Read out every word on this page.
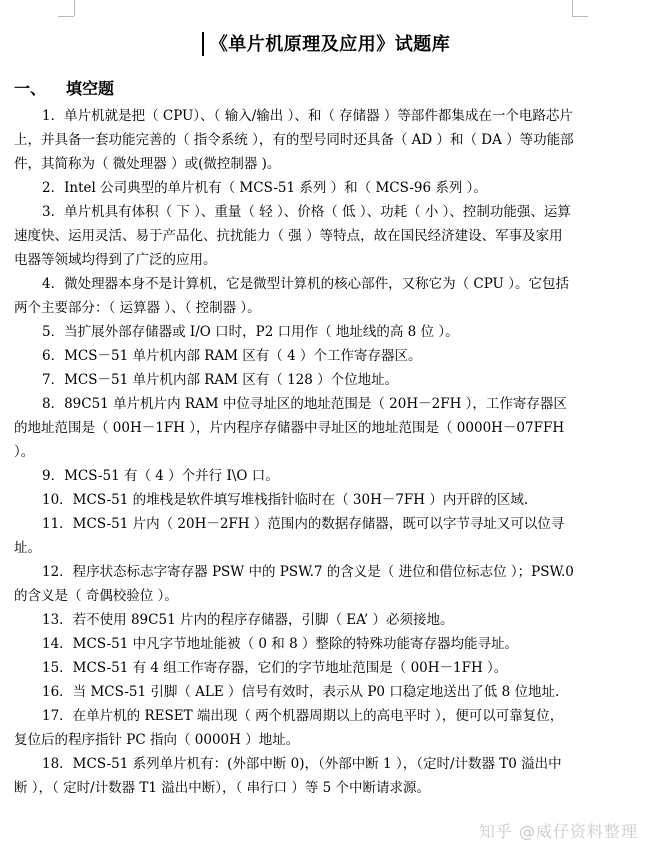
《单片机原理及应用》试题库
一、 填空题

1．单片机就是把（ CPU）、（ 输入/输出 ）、和（ 存储器 ）等部件都集成在一个电路芯片上，并具备一套功能完善的（ 指令系统 ），有的型号同时还具备（ AD ）和（ DA ）等功能部件，其简称为（ 微处理器 ）或(微控制器 )。

2．Intel 公司典型的单片机有（ MCS-51 系列 ）和（ MCS-96 系列 ）。

3．单片机具有体积（ 下 ）、重量（ 轻 ）、价格（ 低 ）、功耗（ 小 ）、控制功能强、运算速度快、运用灵活、易于产品化、抗扰能力（ 强 ）等特点，故在国民经济建设、军事及家用电器等领域均得到了广泛的应用。

4．微处理器本身不是计算机，它是微型计算机的核心部件，又称它为（ CPU ）。它包括两个主要部分：（ 运算器 ）、（ 控制器 ）。

5．当扩展外部存储器或 I/O 口时，P2 口用作（ 地址线的高 8 位 ）。

6．MCS－51 单片机内部 RAM 区有（ 4 ）个工作寄存器区。

7．MCS－51 单片机内部 RAM 区有（ 128 ）个位地址。

8．89C51 单片机片内 RAM 中位寻址区的地址范围是（ 20H－2FH ），工作寄存器区的地址范围是（ 00H－1FH ），片内程序存储器中寻址区的地址范围是（ 0000H－07FFH ）。

9．MCS-51 有（ 4 ）个并行 I\O 口。

10．MCS-51 的堆栈是软件填写堆栈指针临时在（ 30H－7FH ）内开辟的区域.

11．MCS-51 片内（ 20H－2FH ）范围内的数据存储器，既可以字节寻址又可以位寻址。

12．程序状态标志字寄存器 PSW 中的 PSW.7 的含义是（ 进位和借位标志位 ）；PSW.0 的含义是（ 奇偶校验位 ）。

13．若不使用 89C51 片内的程序存储器，引脚（ EA’ ）必须接地。

14．MCS-51 中凡字节地址能被（ 0 和 8 ）整除的特殊功能寄存器均能寻址。

15．MCS-51 有 4 组工作寄存器，它们的字节地址范围是（ 00H－1FH ）。

16．当 MCS-51 引脚（ ALE ）信号有效时，表示从 P0 口稳定地送出了低 8 位地址.

17．在单片机的 RESET 端出现（ 两个机器周期以上的高电平时 ），便可以可靠复位，复位后的程序指针 PC 指向（ 0000H ）地址。

18．MCS-51 系列单片机有：(外部中断 0)，（外部中断 1 ），（定时/计数器 T0 溢出中断 ），（ 定时/计数器 T1 溢出中断），（ 串行口 ）等 5 个中断请求源。

知乎 @威仔资料整理
